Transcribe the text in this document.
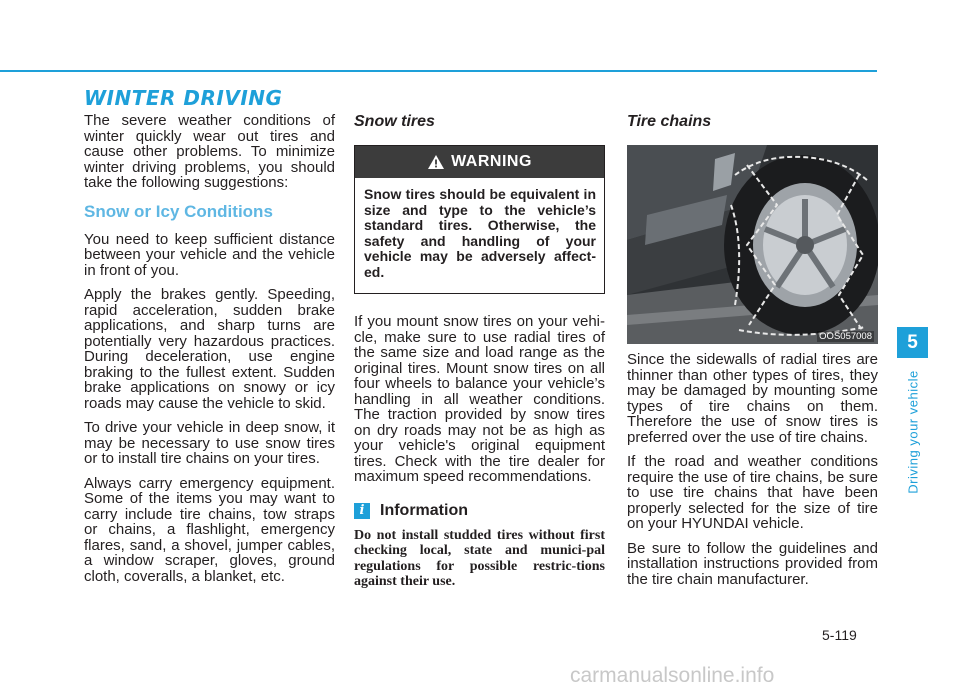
WINTER DRIVING

The severe weather conditions of winter quickly wear out tires and cause other problems. To minimize winter driving problems, you should take the following suggestions:

Snow or Icy Conditions

You need to keep sufficient distance between your vehicle and the vehicle in front of you.

Apply the brakes gently. Speeding, rapid acceleration, sudden brake applications, and sharp turns are potentially very hazardous practices. During deceleration, use engine braking to the fullest extent. Sudden brake applications on snowy or icy roads may cause the vehicle to skid.

To drive your vehicle in deep snow, it may be necessary to use snow tires or to install tire chains on your tires.

Always carry emergency equipment. Some of the items you may want to carry include tire chains, tow straps or chains, a flashlight, emergency flares, sand, a shovel, jumper cables, a window scraper, gloves, ground cloth, coveralls, a blanket, etc.

Snow tires
WARNING

Snow tires should be equivalent in size and type to the vehicle’s standard tires. Otherwise, the safety and handling of your vehicle may be adversely affect-ed.

If you mount snow tires on your vehi-cle, make sure to use radial tires of the same size and load range as the original tires. Mount snow tires on all four wheels to balance your vehicle’s handling in all weather conditions. The traction provided by snow tires on dry roads may not be as high as your vehicle's original equipment tires. Check with the tire dealer for maximum speed recommendations.

i Information

Do not install studded tires without first checking local, state and munici-pal regulations for possible restric-tions against their use.

Tire chains
OOS057008

Since the sidewalls of radial tires are thinner than other types of tires, they may be damaged by mounting some types of tire chains on them. Therefore the use of snow tires is preferred over the use of tire chains.

If the road and weather conditions require the use of tire chains, be sure to use tire chains that have been properly selected for the size of tire on your HYUNDAI vehicle.

Be sure to follow the guidelines and installation instructions provided from the tire chain manufacturer.

5
Driving your vehicle
5-119
carmanualsonline.info
